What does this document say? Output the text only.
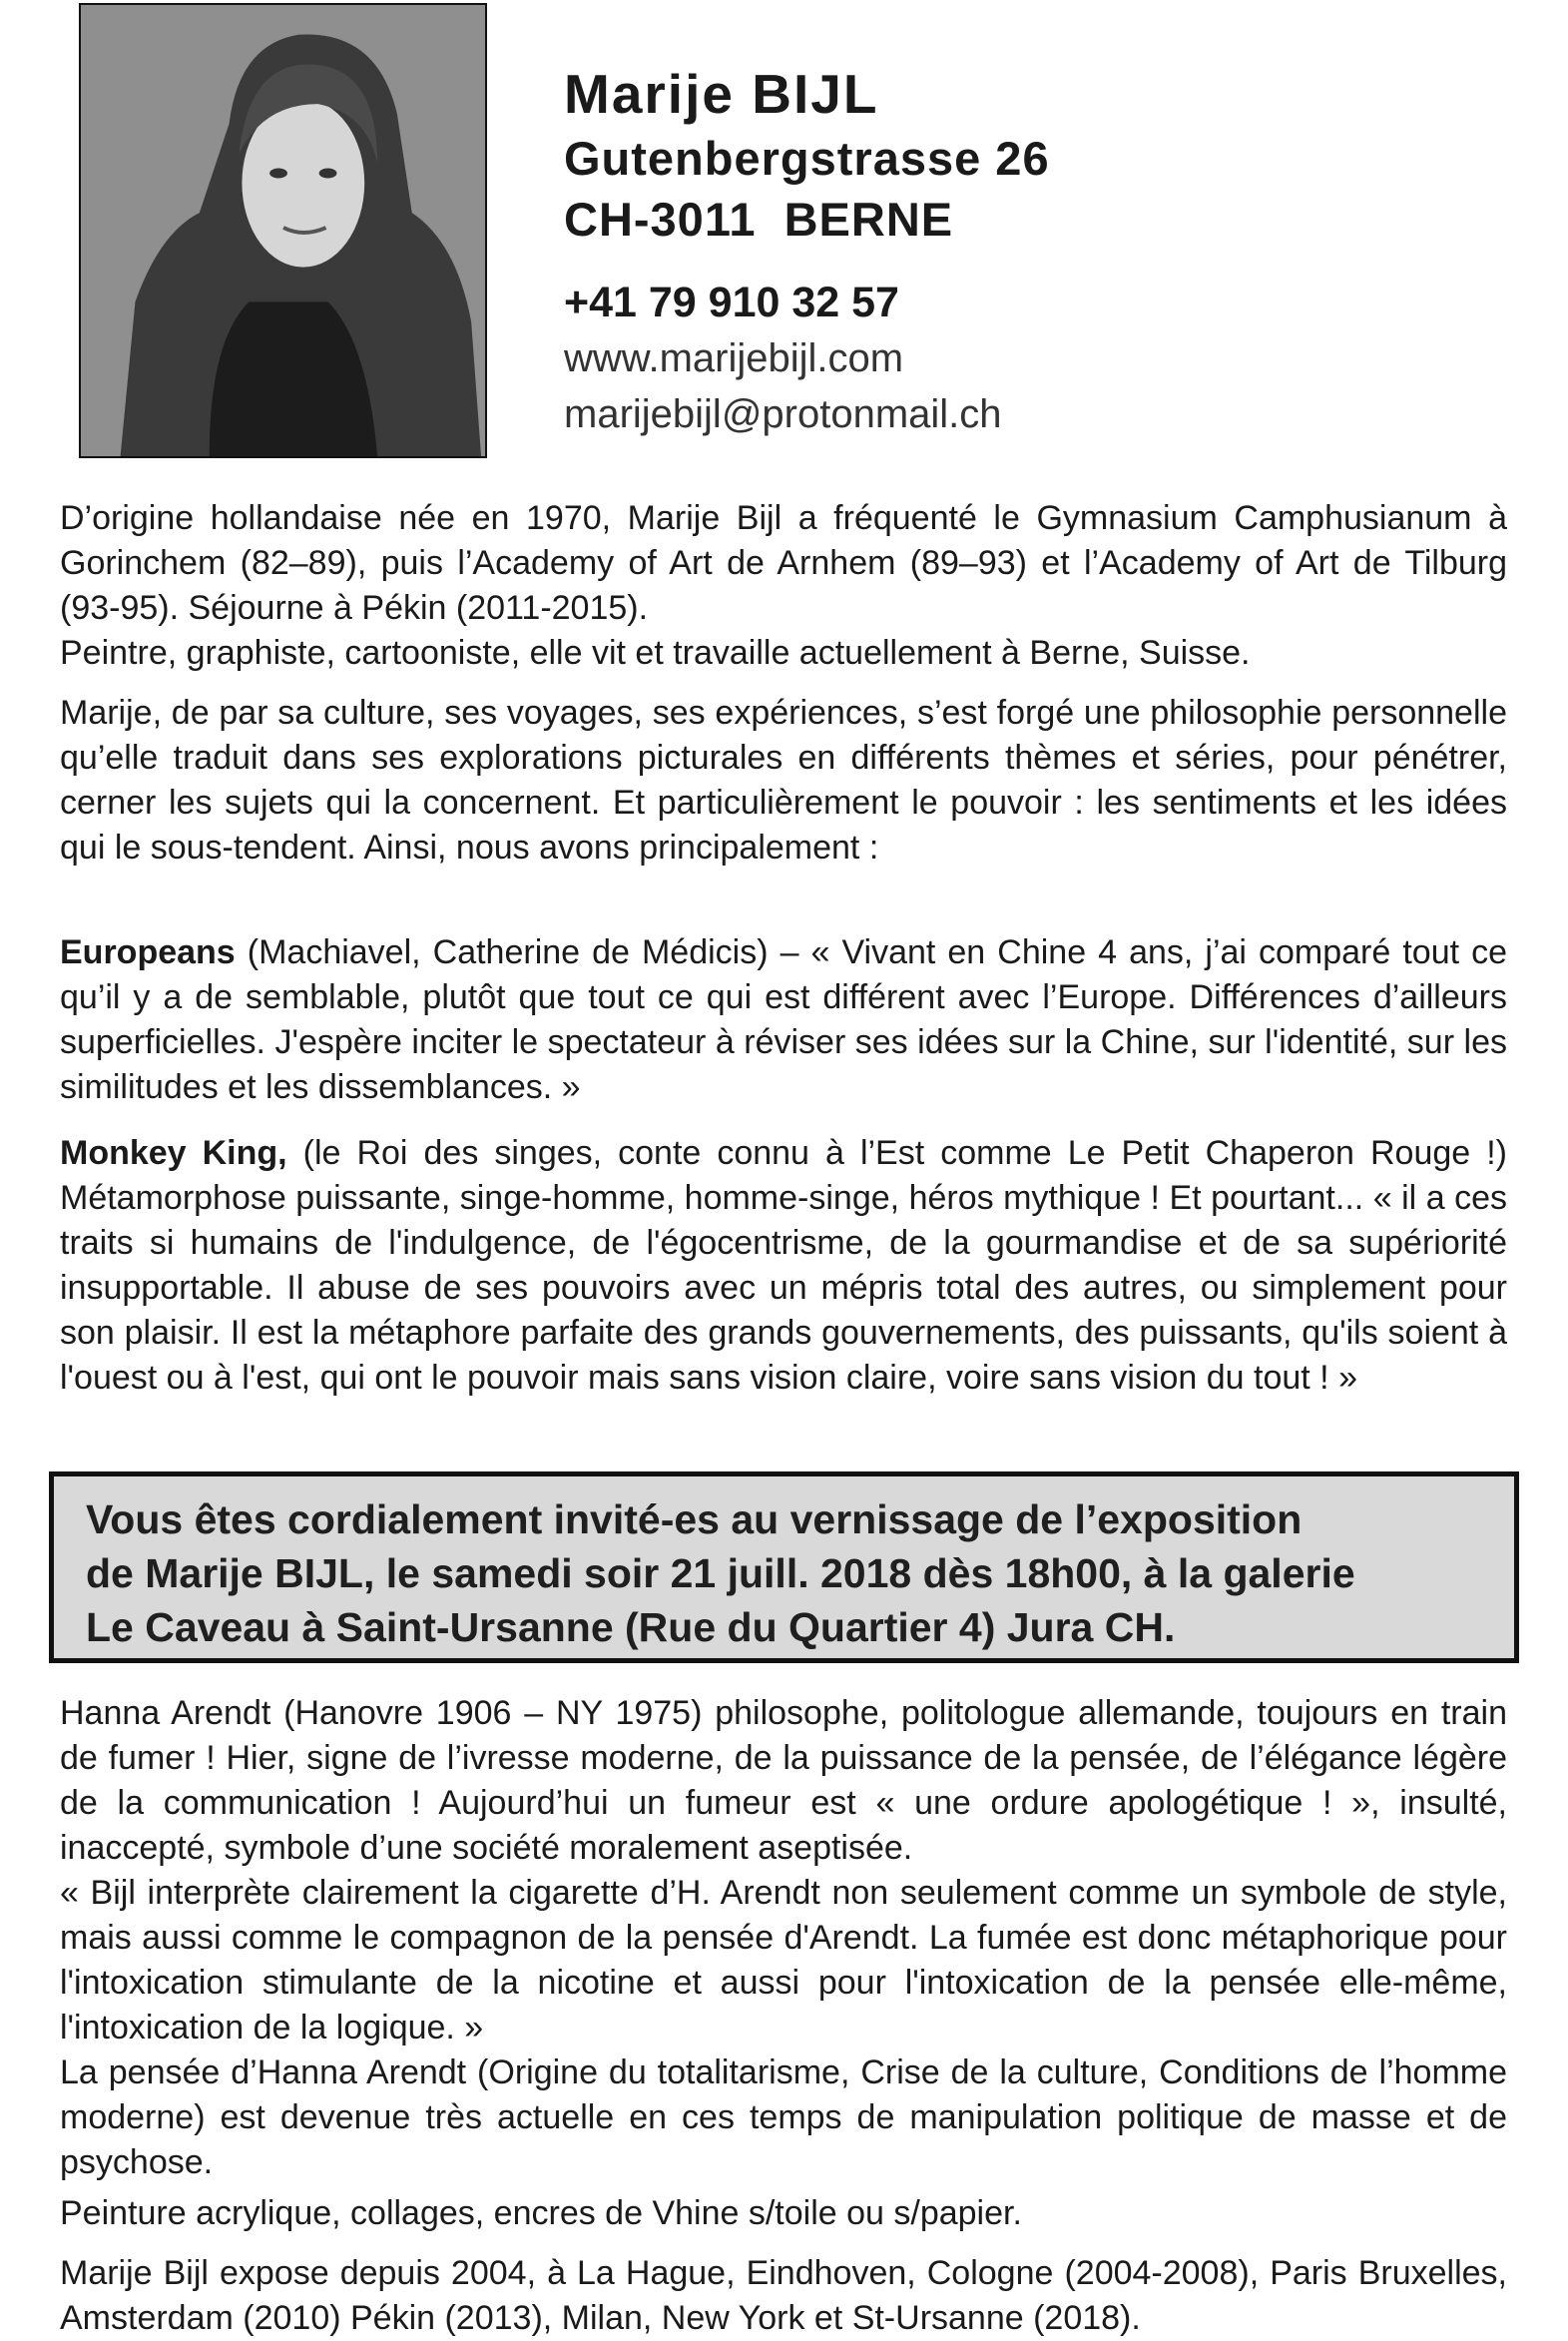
Marije BIJL

Gutenbergstrasse 26

CH-3011  BERNE

+41 79 910 32 57
www.marijebijl.com
marijebijl@protonmail.ch

D’origine hollandaise née en 1970, Marije Bijl a fréquenté le Gymnasium Camphusianum à Gorinchem (82–89), puis l’Academy of Art de Arnhem (89–93) et l’Academy of Art de Tilburg (93-95). Séjourne à Pékin (2011-2015).

Peintre, graphiste, cartooniste, elle vit et travaille actuellement à Berne, Suisse.

Marije, de par sa culture, ses voyages, ses expériences, s’est forgé une philosophie personnelle qu’elle traduit dans ses explorations picturales en différents thèmes et séries, pour pénétrer, cerner les sujets qui la concernent. Et particulièrement le pouvoir : les sentiments et les idées qui le sous-tendent. Ainsi, nous avons principalement :

Europeans (Machiavel, Catherine de Médicis) – « Vivant en Chine 4 ans, j’ai comparé tout ce qu’il y a de semblable, plutôt que tout ce qui est différent avec l’Europe. Différences d’ailleurs superficielles. J'espère inciter le spectateur à réviser ses idées sur la Chine, sur l'identité, sur les similitudes et les dissemblances. »

Monkey King, (le Roi des singes, conte connu à l’Est comme Le Petit Chaperon Rouge !) Métamorphose puissante, singe-homme, homme-singe, héros mythique ! Et pourtant... « il a ces traits si humains de l'indulgence, de l'égocentrisme, de la gourmandise et de sa supériorité insupportable. Il abuse de ses pouvoirs avec un mépris total des autres, ou simplement pour son plaisir. Il est la métaphore parfaite des grands gouvernements, des puissants, qu'ils soient à l'ouest ou à l'est, qui ont le pouvoir mais sans vision claire, voire sans vision du tout ! »

Vous êtes cordialement invité-es au vernissage de l’exposition

de Marije BIJL, le samedi soir 21 juill. 2018 dès 18h00, à la galerie

Le Caveau à Saint-Ursanne (Rue du Quartier 4) Jura CH.

Hanna Arendt (Hanovre 1906 – NY 1975) philosophe, politologue allemande, toujours en train de fumer ! Hier, signe de l’ivresse moderne, de la puissance de la pensée, de l’élégance légère de la communication ! Aujourd’hui un fumeur est « une ordure apologétique ! », insulté, inaccepté, symbole d’une société moralement aseptisée.

« Bijl interprète clairement la cigarette d’H. Arendt non seulement comme un symbole de style, mais aussi comme le compagnon de la pensée d'Arendt. La fumée est donc métaphorique pour l'intoxication stimulante de la nicotine et aussi pour l'intoxication de la pensée elle-même, l'intoxication de la logique. »

La pensée d’Hanna Arendt (Origine du totalitarisme, Crise de la culture, Conditions de l’homme moderne) est devenue très actuelle en ces temps de manipulation politique de masse et de psychose.

Peinture acrylique, collages, encres de Vhine s/toile ou s/papier.

Marije Bijl expose depuis 2004, à La Hague, Eindhoven, Cologne (2004-2008), Paris Bruxelles, Amsterdam (2010) Pékin (2013), Milan, New York et St-Ursanne (2018).
